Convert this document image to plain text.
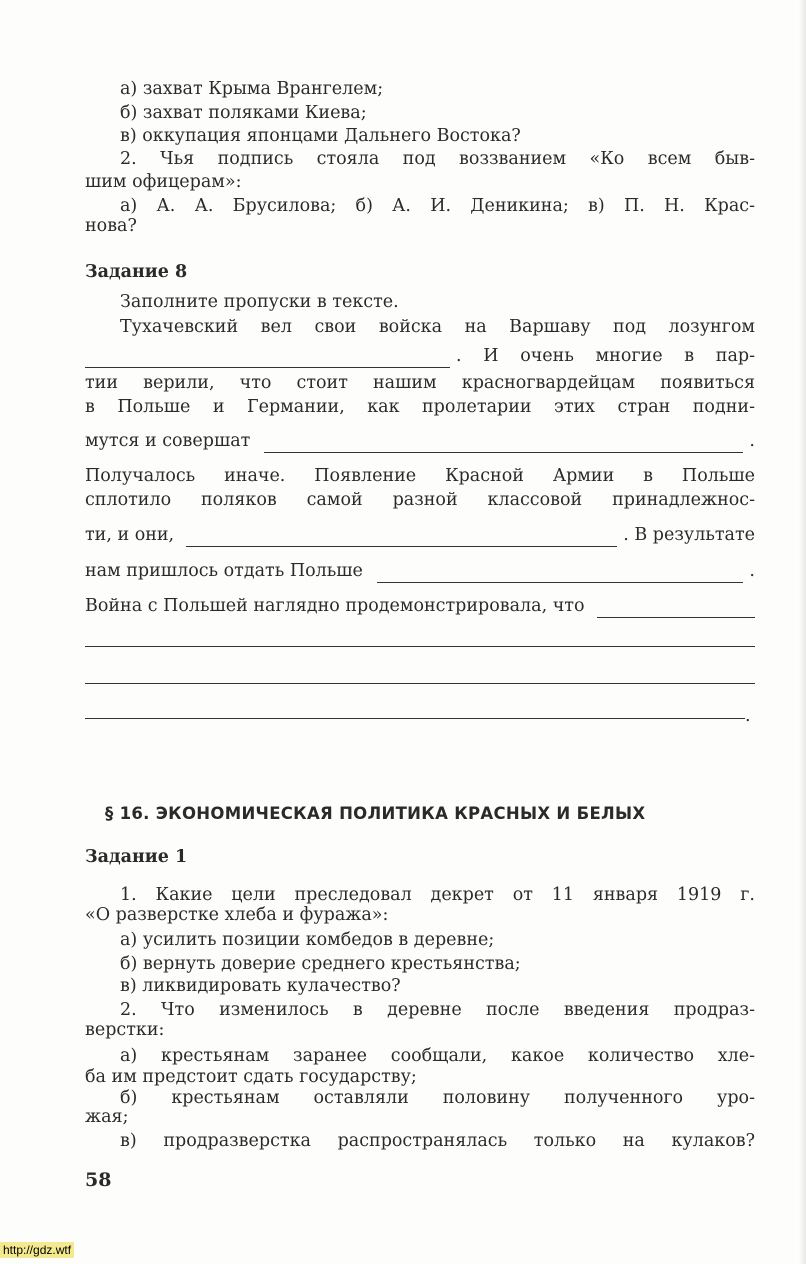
а) захват Крыма Врангелем;
б) захват поляками Киева;
в) оккупация японцами Дальнего Востока?
2. Чья подпись стояла под воззванием «Ко всем быв-
шим офицерам»:
а) А. А. Брусилова; б) А. И. Деникина; в) П. Н. Крас-
нова?
Задание 8
Заполните пропуски в тексте.
Тухачевский вел свои войска на Варшаву под лозунгом
. И очень многие в пар-
тии верили, что стоит нашим красногвардейцам появиться
в Польше и Германии, как пролетарии этих стран подни-
мутся и совершат	.
Получалось иначе. Появление Красной Армии в Польше
сплотило поляков самой разной классовой принадлежнос-
ти, и они,	. В результате
нам пришлось отдать Польше	.
Война с Польшей наглядно продемонстрировала, что
.
§ 16. ЭКОНОМИЧЕСКАЯ ПОЛИТИКА КРАСНЫХ И БЕЛЫХ
Задание 1
1. Какие цели преследовал декрет от 11 января 1919 г.
«О разверстке хлеба и фуража»:
а) усилить позиции комбедов в деревне;
б) вернуть доверие среднего крестьянства;
в) ликвидировать кулачество?
2. Что изменилось в деревне после введения продраз-
верстки:
а) крестьянам заранее сообщали, какое количество хле-
ба им предстоит сдать государству;
б) крестьянам оставляли половину полученного уро-
жая;
в) продразверстка распространялась только на кулаков?
58
http://gdz.wtf
